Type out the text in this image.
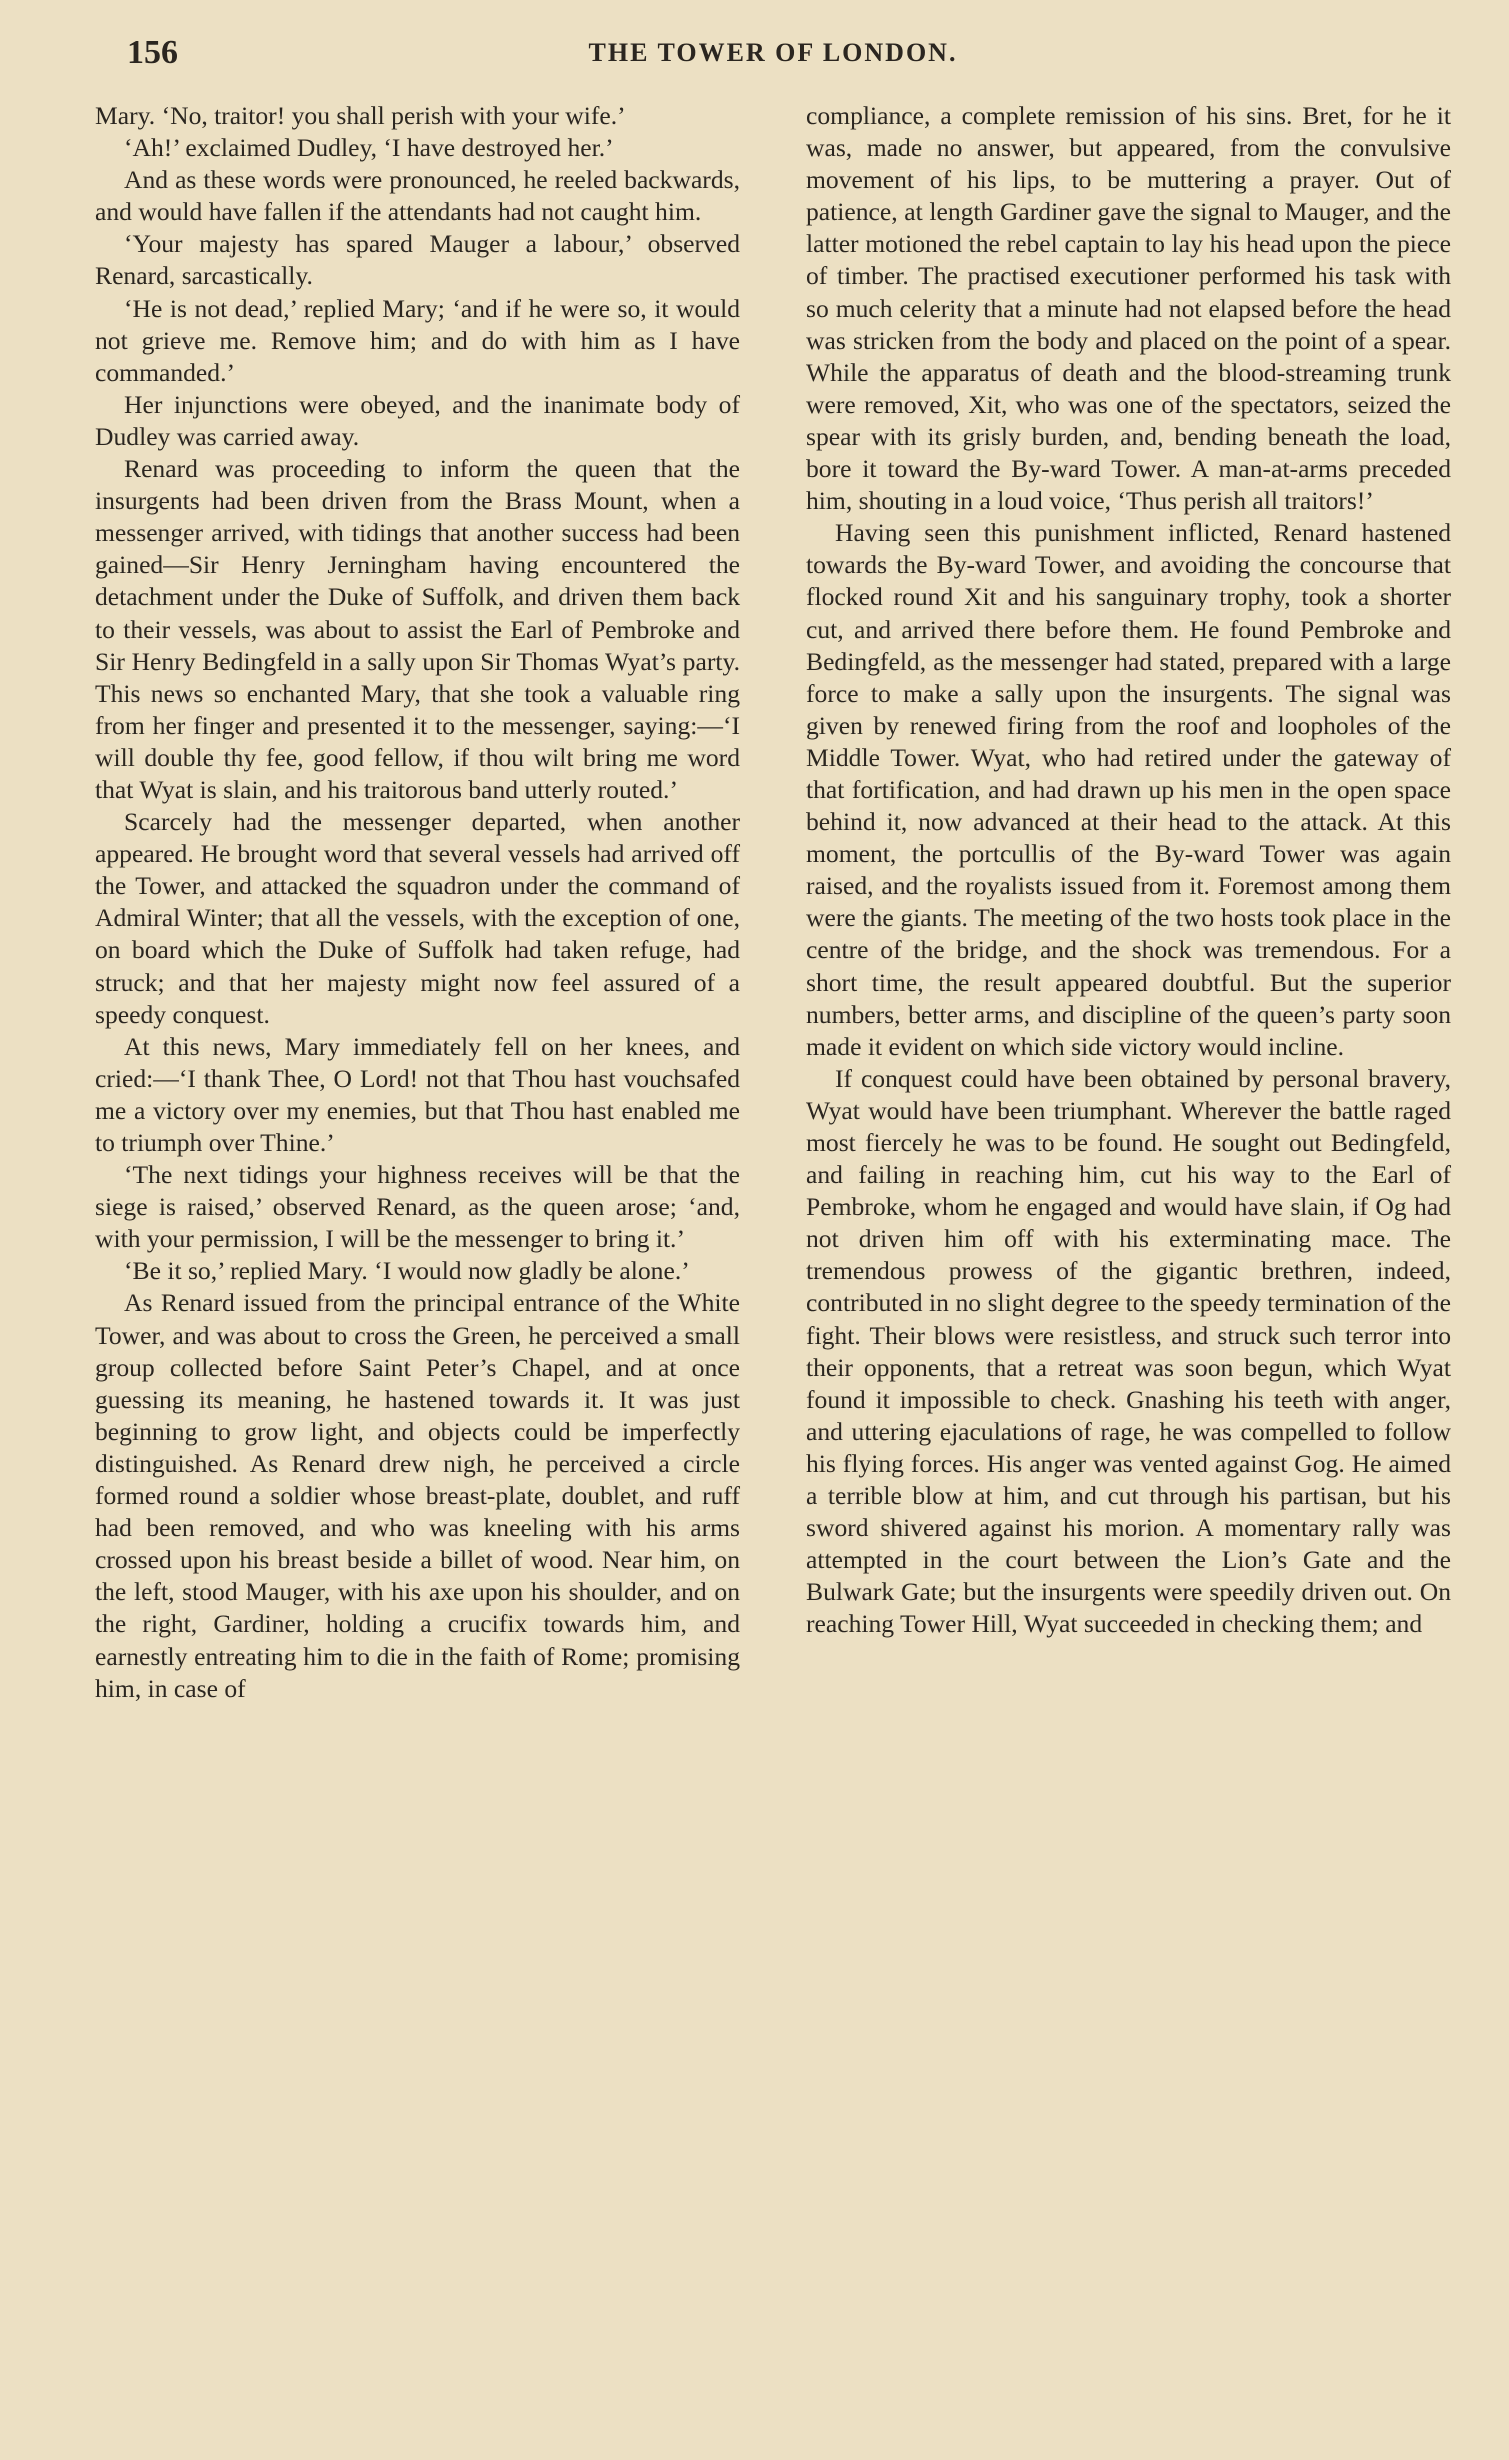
156	THE TOWER OF LONDON.

Mary. ‘No, traitor! you shall perish with your wife.’

‘Ah!’ exclaimed Dudley, ‘I have destroyed her.’

And as these words were pronounced, he reeled backwards, and would have fallen if the attendants had not caught him.

‘Your majesty has spared Mauger a labour,’ observed Renard, sarcastically.

‘He is not dead,’ replied Mary; ‘and if he were so, it would not grieve me. Remove him; and do with him as I have commanded.’

Her injunctions were obeyed, and the inanimate body of Dudley was carried away.

Renard was proceeding to inform the queen that the insurgents had been driven from the Brass Mount, when a messenger arrived, with tidings that another success had been gained—Sir Henry Jerningham having encountered the detachment under the Duke of Suffolk, and driven them back to their vessels, was about to assist the Earl of Pembroke and Sir Henry Bedingfeld in a sally upon Sir Thomas Wyat’s party. This news so enchanted Mary, that she took a valuable ring from her finger and presented it to the messenger, saying:—‘I will double thy fee, good fellow, if thou wilt bring me word that Wyat is slain, and his traitorous band utterly routed.’

Scarcely had the messenger departed, when another appeared. He brought word that several vessels had arrived off the Tower, and attacked the squadron under the command of Admiral Winter; that all the vessels, with the exception of one, on board which the Duke of Suffolk had taken refuge, had struck; and that her majesty might now feel assured of a speedy conquest.

At this news, Mary immediately fell on her knees, and cried:—‘I thank Thee, O Lord! not that Thou hast vouchsafed me a victory over my enemies, but that Thou hast enabled me to triumph over Thine.’

‘The next tidings your highness receives will be that the siege is raised,’ observed Renard, as the queen arose; ‘and, with your permission, I will be the messenger to bring it.’

‘Be it so,’ replied Mary. ‘I would now gladly be alone.’

As Renard issued from the principal entrance of the White Tower, and was about to cross the Green, he perceived a small group collected before Saint Peter’s Chapel, and at once guessing its meaning, he hastened towards it. It was just beginning to grow light, and objects could be imperfectly distinguished. As Renard drew nigh, he perceived a circle formed round a soldier whose breast-plate, doublet, and ruff had been removed, and who was kneeling with his arms crossed upon his breast beside a billet of wood. Near him, on the left, stood Mauger, with his axe upon his shoulder, and on the right, Gardiner, holding a crucifix towards him, and earnestly entreating him to die in the faith of Rome; promising him, in case of

compliance, a complete remission of his sins. Bret, for he it was, made no answer, but appeared, from the convulsive movement of his lips, to be muttering a prayer. Out of patience, at length Gardiner gave the signal to Mauger, and the latter motioned the rebel captain to lay his head upon the piece of timber. The practised executioner performed his task with so much celerity that a minute had not elapsed before the head was stricken from the body and placed on the point of a spear. While the apparatus of death and the blood-streaming trunk were removed, Xit, who was one of the spectators, seized the spear with its grisly burden, and, bending beneath the load, bore it toward the By-ward Tower. A man-at-arms preceded him, shouting in a loud voice, ‘Thus perish all traitors!’

Having seen this punishment inflicted, Renard hastened towards the By-ward Tower, and avoiding the concourse that flocked round Xit and his sanguinary trophy, took a shorter cut, and arrived there before them. He found Pembroke and Bedingfeld, as the messenger had stated, prepared with a large force to make a sally upon the insurgents. The signal was given by renewed firing from the roof and loopholes of the Middle Tower. Wyat, who had retired under the gateway of that fortification, and had drawn up his men in the open space behind it, now advanced at their head to the attack. At this moment, the portcullis of the By-ward Tower was again raised, and the royalists issued from it. Foremost among them were the giants. The meeting of the two hosts took place in the centre of the bridge, and the shock was tremendous. For a short time, the result appeared doubtful. But the superior numbers, better arms, and discipline of the queen’s party soon made it evident on which side victory would incline.

If conquest could have been obtained by personal bravery, Wyat would have been triumphant. Wherever the battle raged most fiercely he was to be found. He sought out Bedingfeld, and failing in reaching him, cut his way to the Earl of Pembroke, whom he engaged and would have slain, if Og had not driven him off with his exterminating mace. The tremendous prowess of the gigantic brethren, indeed, contributed in no slight degree to the speedy termination of the fight. Their blows were resistless, and struck such terror into their opponents, that a retreat was soon begun, which Wyat found it impossible to check. Gnashing his teeth with anger, and uttering ejaculations of rage, he was compelled to follow his flying forces. His anger was vented against Gog. He aimed a terrible blow at him, and cut through his partisan, but his sword shivered against his morion. A momentary rally was attempted in the court between the Lion’s Gate and the Bulwark Gate; but the insurgents were speedily driven out. On reaching Tower Hill, Wyat succeeded in checking them; and
